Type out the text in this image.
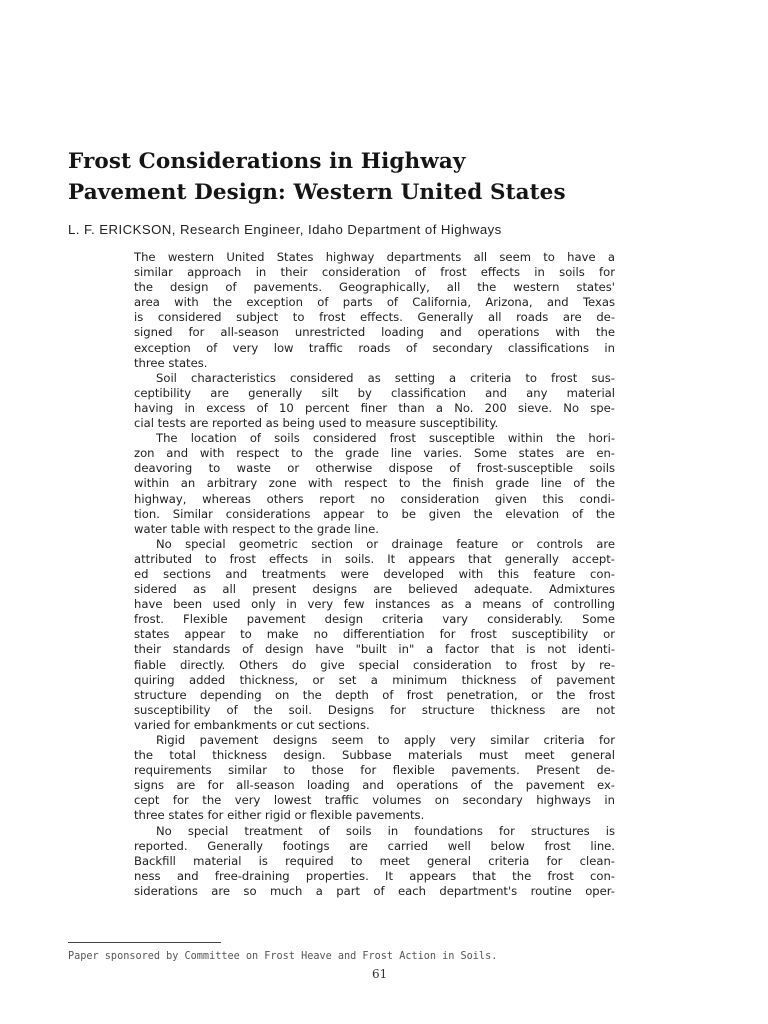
Frost Considerations in Highway
Pavement Design: Western United States
L. F. ERICKSON, Research Engineer, Idaho Department of Highways
The western United States highway departments all seem to have a
similar approach in their consideration of frost effects in soils for
the design of pavements. Geographically, all the western states'
area with the exception of parts of California, Arizona, and Texas
is considered subject to frost effects. Generally all roads are de-
signed for all-season unrestricted loading and operations with the
exception of very low traffic roads of secondary classifications in
three states.
Soil characteristics considered as setting a criteria to frost sus-
ceptibility are generally silt by classification and any material
having in excess of 10 percent finer than a No. 200 sieve. No spe-
cial tests are reported as being used to measure susceptibility.
The location of soils considered frost susceptible within the hori-
zon and with respect to the grade line varies. Some states are en-
deavoring to waste or otherwise dispose of frost-susceptible soils
within an arbitrary zone with respect to the finish grade line of the
highway, whereas others report no consideration given this condi-
tion. Similar considerations appear to be given the elevation of the
water table with respect to the grade line.
No special geometric section or drainage feature or controls are
attributed to frost effects in soils. It appears that generally accept-
ed sections and treatments were developed with this feature con-
sidered as all present designs are believed adequate. Admixtures
have been used only in very few instances as a means of controlling
frost. Flexible pavement design criteria vary considerably. Some
states appear to make no differentiation for frost susceptibility or
their standards of design have "built in" a factor that is not identi-
fiable directly. Others do give special consideration to frost by re-
quiring added thickness, or set a minimum thickness of pavement
structure depending on the depth of frost penetration, or the frost
susceptibility of the soil. Designs for structure thickness are not
varied for embankments or cut sections.
Rigid pavement designs seem to apply very similar criteria for
the total thickness design. Subbase materials must meet general
requirements similar to those for flexible pavements. Present de-
signs are for all-season loading and operations of the pavement ex-
cept for the very lowest traffic volumes on secondary highways in
three states for either rigid or flexible pavements.
No special treatment of soils in foundations for structures is
reported. Generally footings are carried well below frost line.
Backfill material is required to meet general criteria for clean-
ness and free-draining properties. It appears that the frost con-
siderations are so much a part of each department's routine oper-
Paper sponsored by Committee on Frost Heave and Frost Action in Soils.
61
